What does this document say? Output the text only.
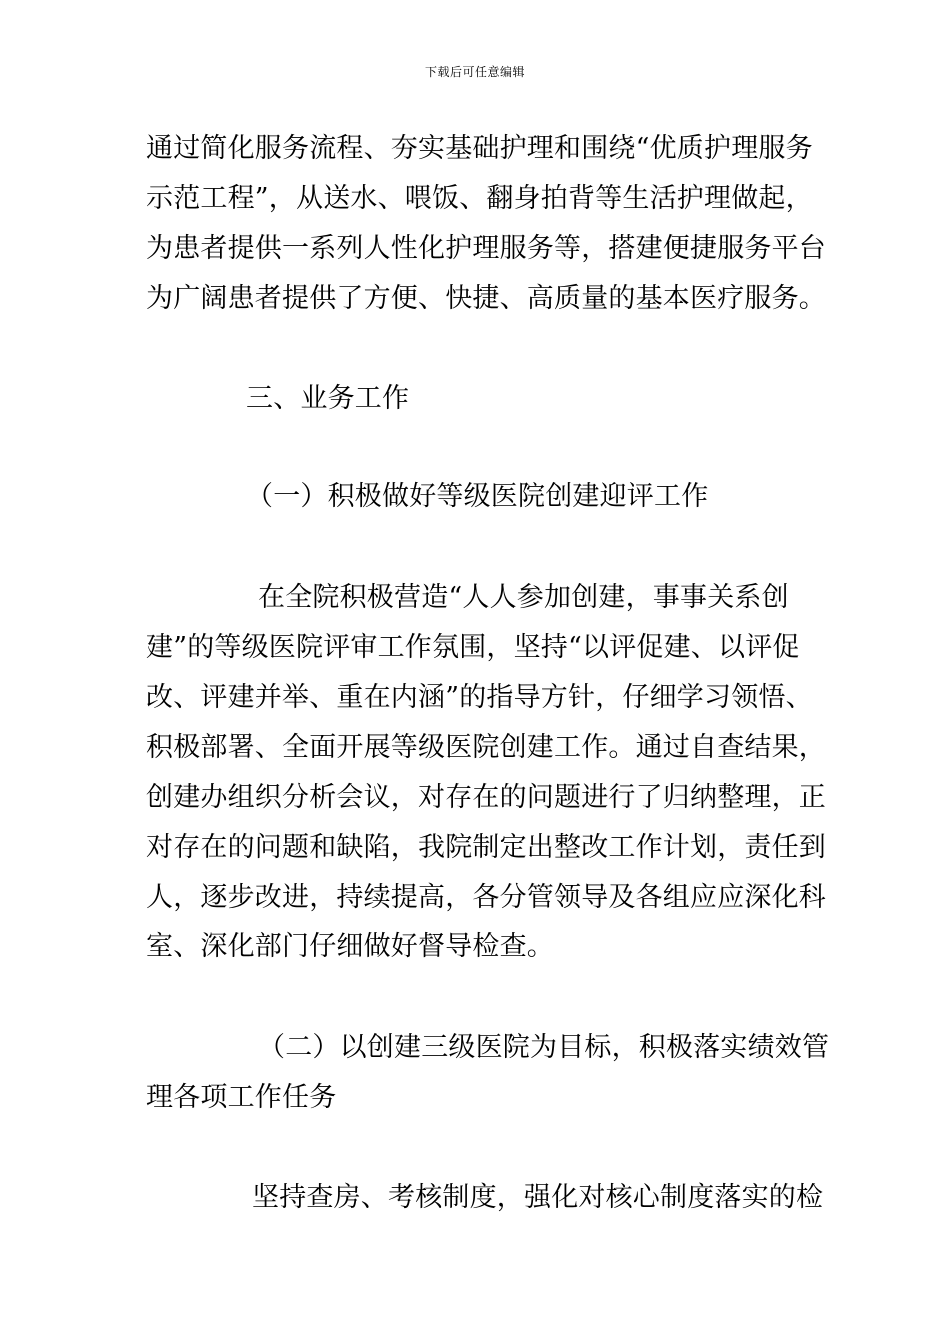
下载后可任意编辑
通过简化服务流程、夯实基础护理和围绕“优质护理服务
示范工程”，从送水、喂饭、翻身拍背等生活护理做起，
为患者提供一系列人性化护理服务等，搭建便捷服务平台
为广阔患者提供了方便、快捷、高质量的基本医疗服务。
三、业务工作
（一）积极做好等级医院创建迎评工作
在全院积极营造“人人参加创建，事事关系创
建”的等级医院评审工作氛围，坚持“以评促建、以评促
改、评建并举、重在内涵”的指导方针，仔细学习领悟、
积极部署、全面开展等级医院创建工作。通过自查结果，
创建办组织分析会议，对存在的问题进行了归纳整理，正
对存在的问题和缺陷，我院制定出整改工作计划，责任到
人，逐步改进，持续提高，各分管领导及各组应应深化科
室、深化部门仔细做好督导检查。
（二）以创建三级医院为目标，积极落实绩效管
理各项工作任务
坚持查房、考核制度，强化对核心制度落实的检
